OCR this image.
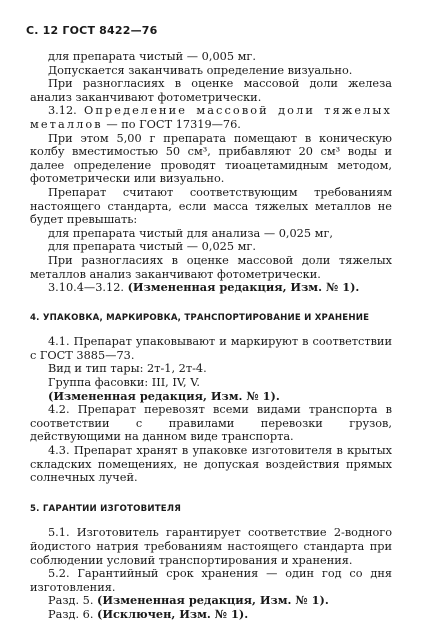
С. 12 ГОСТ 8422—76

для препарата чистый — 0,005 мг.

Допускается заканчивать определение визуально.

При разногласиях в оценке массовой доли железа анализ заканчивают фотометрически.

3.12. Определение массовой доли тяжелых металлов — по ГОСТ 17319—76.

При этом 5,00 г препарата помещают в коническую колбу вместимостью 50 см³, прибавляют 20 см³ воды и далее определение проводят тиоацетамидным методом, фотометрически или визуально.

Препарат считают соответствующим требованиям настоящего стандарта, если масса тяжелых металлов не будет превышать:

для препарата чистый для анализа — 0,025 мг,

для препарата чистый — 0,025 мг.

При разногласиях в оценке массовой доли тяжелых металлов анализ заканчивают фотометрически.

3.10.4—3.12. (Измененная редакция, Изм. № 1).

4. УПАКОВКА, МАРКИРОВКА, ТРАНСПОРТИРОВАНИЕ И ХРАНЕНИЕ

4.1. Препарат упаковывают и маркируют в соответствии с ГОСТ 3885—73.

Вид и тип тары: 2т-1, 2т-4.

Группа фасовки: III, IV, V.

(Измененная редакция, Изм. № 1).

4.2. Препарат перевозят всеми видами транспорта в соответствии с правилами перевозки грузов, действующими на данном виде транспорта.

4.3. Препарат хранят в упаковке изготовителя в крытых складских помещениях, не допуская воздействия прямых солнечных лучей.

5. ГАРАНТИИ ИЗГОТОВИТЕЛЯ

5.1. Изготовитель гарантирует соответствие 2-водного йодистого натрия требованиям настоящего стандарта при соблюдении условий транспортирования и хранения.

5.2. Гарантийный срок хранения — один год со дня изготовления.

Разд. 5. (Измененная редакция, Изм. № 1).

Разд. 6. (Исключен, Изм. № 1).
